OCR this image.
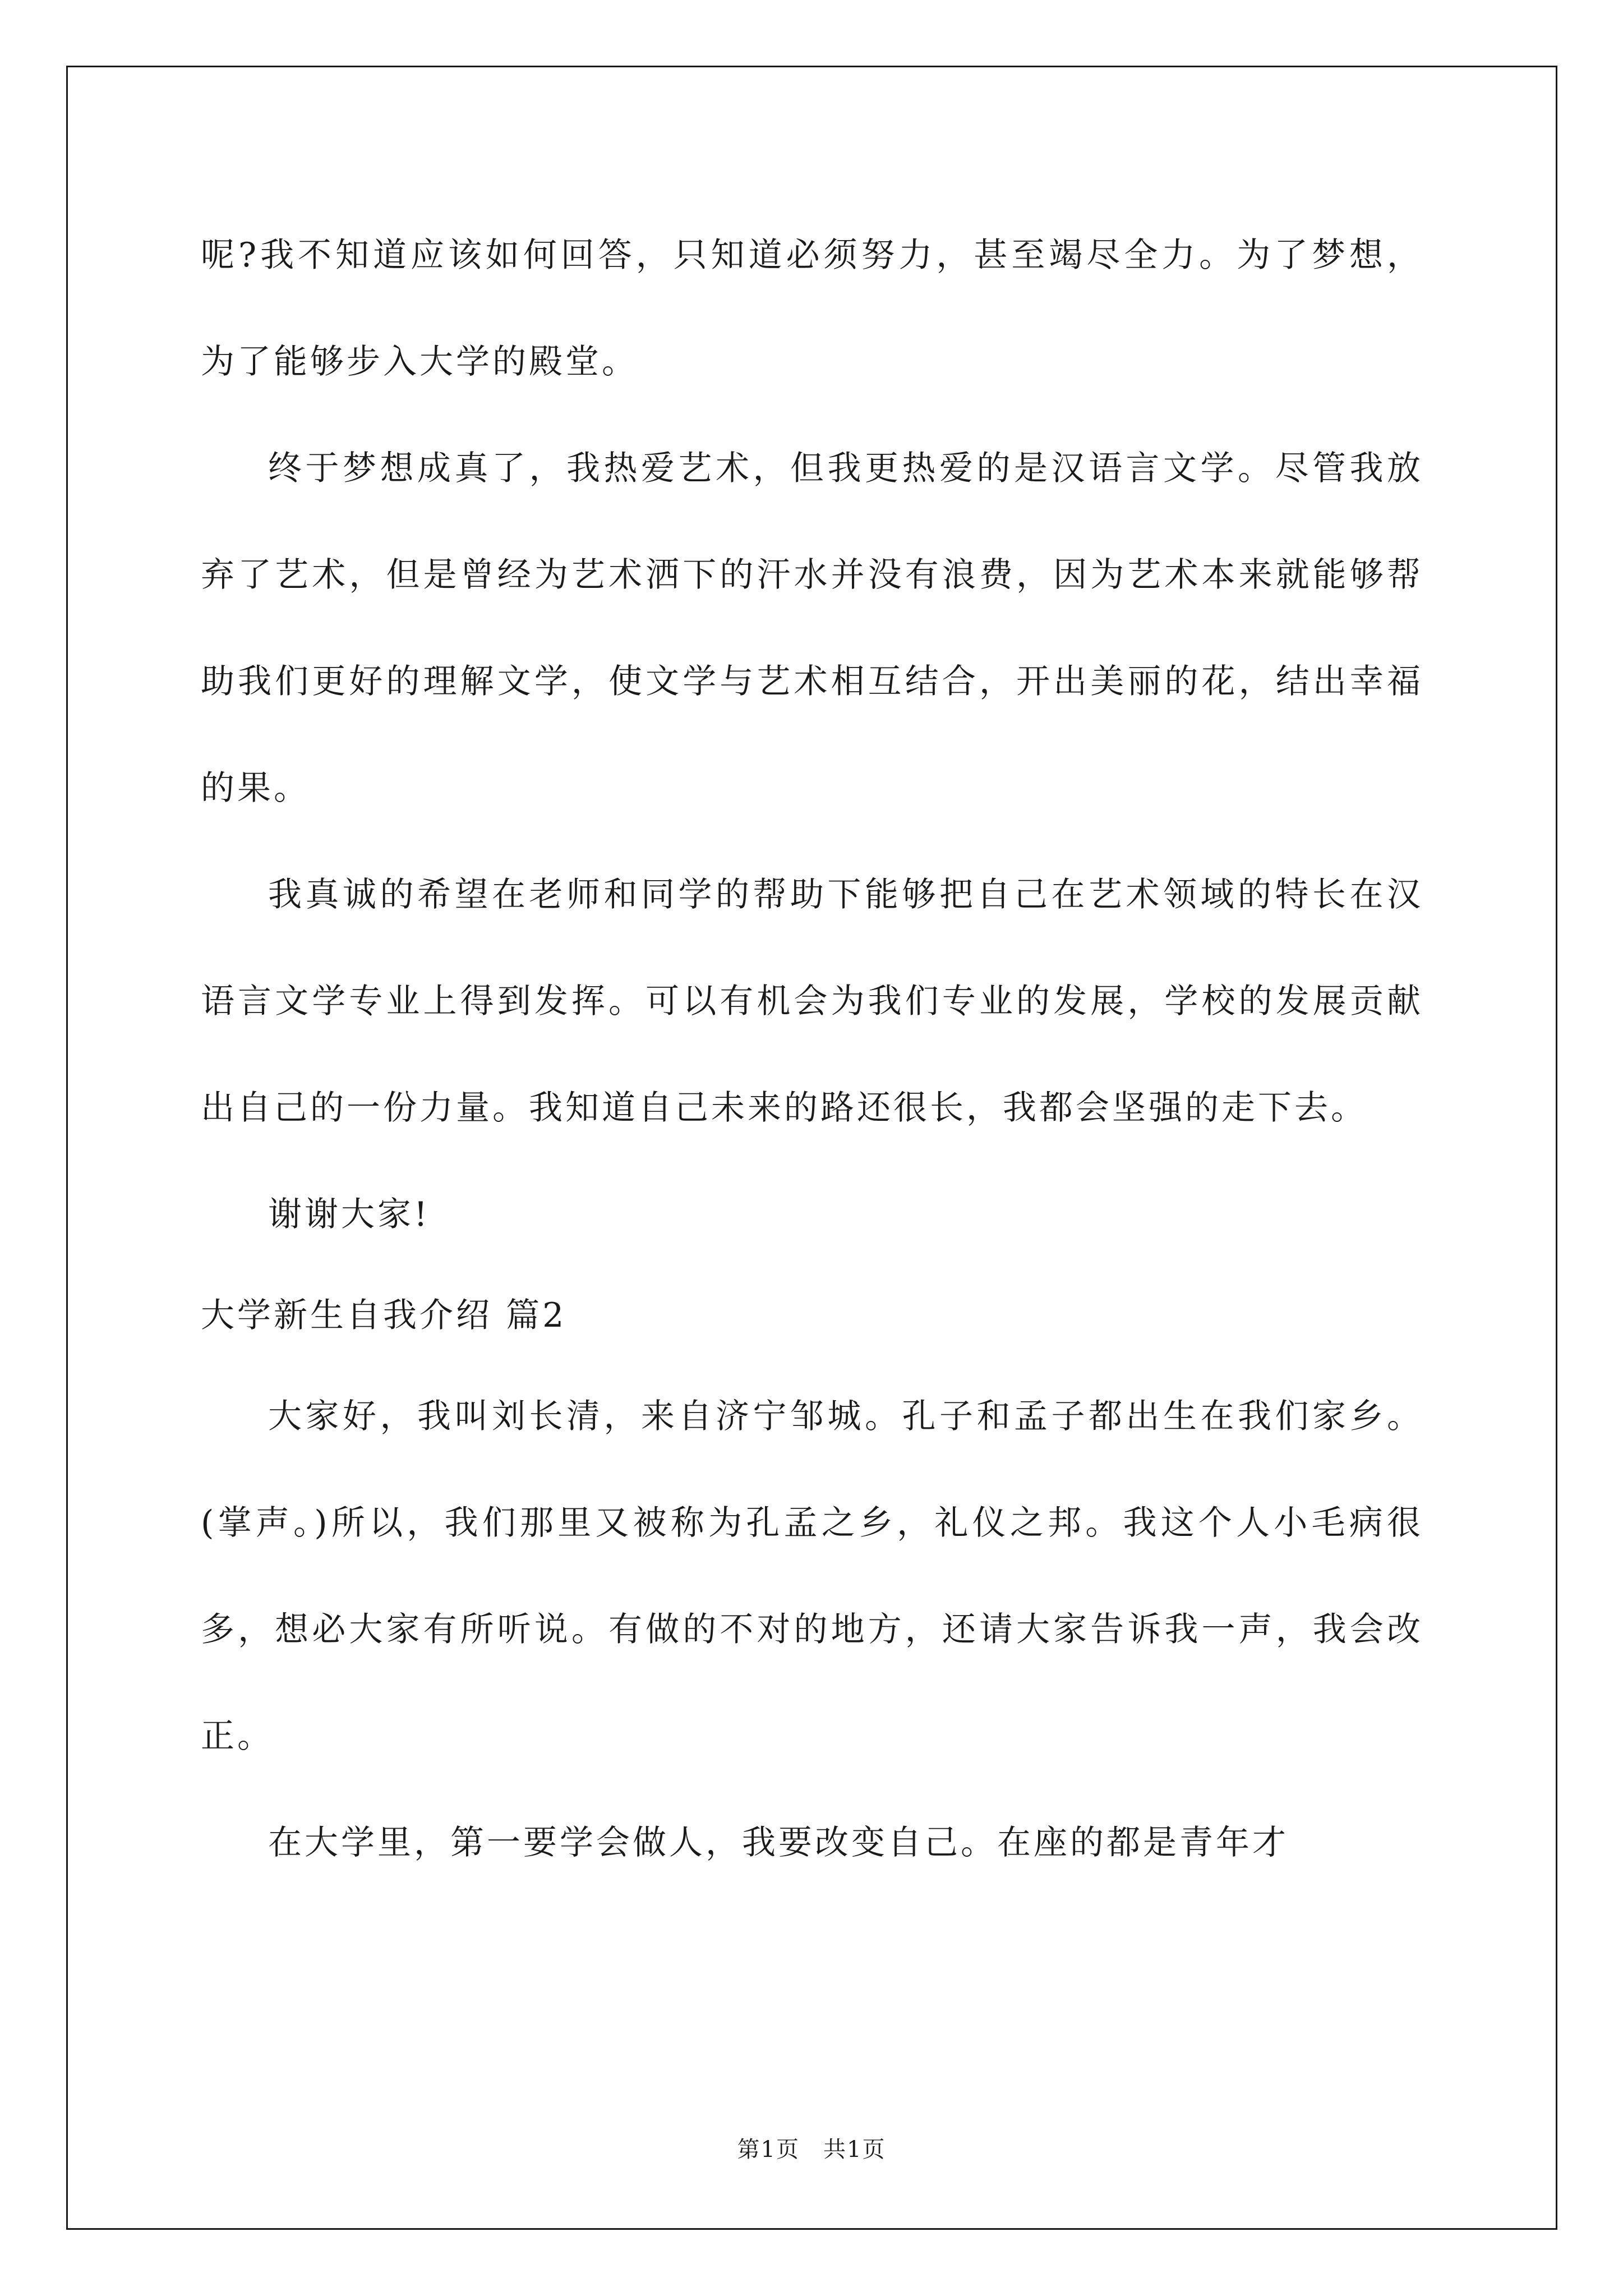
呢?我不知道应该如何回答，只知道必须努力，甚至竭尽全力。为了梦想，为了能够步入大学的殿堂。

终于梦想成真了，我热爱艺术，但我更热爱的是汉语言文学。尽管我放弃了艺术，但是曾经为艺术洒下的汗水并没有浪费，因为艺术本来就能够帮助我们更好的理解文学，使文学与艺术相互结合，开出美丽的花，结出幸福的果。

我真诚的希望在老师和同学的帮助下能够把自己在艺术领域的特长在汉语言文学专业上得到发挥。可以有机会为我们专业的发展，学校的发展贡献出自己的一份力量。我知道自己未来的路还很长，我都会坚强的走下去。

谢谢大家!

大学新生自我介绍 篇2

大家好，我叫刘长清，来自济宁邹城。孔子和孟子都出生在我们家乡。(掌声。)所以，我们那里又被称为孔孟之乡，礼仪之邦。我这个人小毛病很多，想必大家有所听说。有做的不对的地方，还请大家告诉我一声，我会改正。

在大学里，第一要学会做人，我要改变自己。在座的都是青年才

第1页　共1页
